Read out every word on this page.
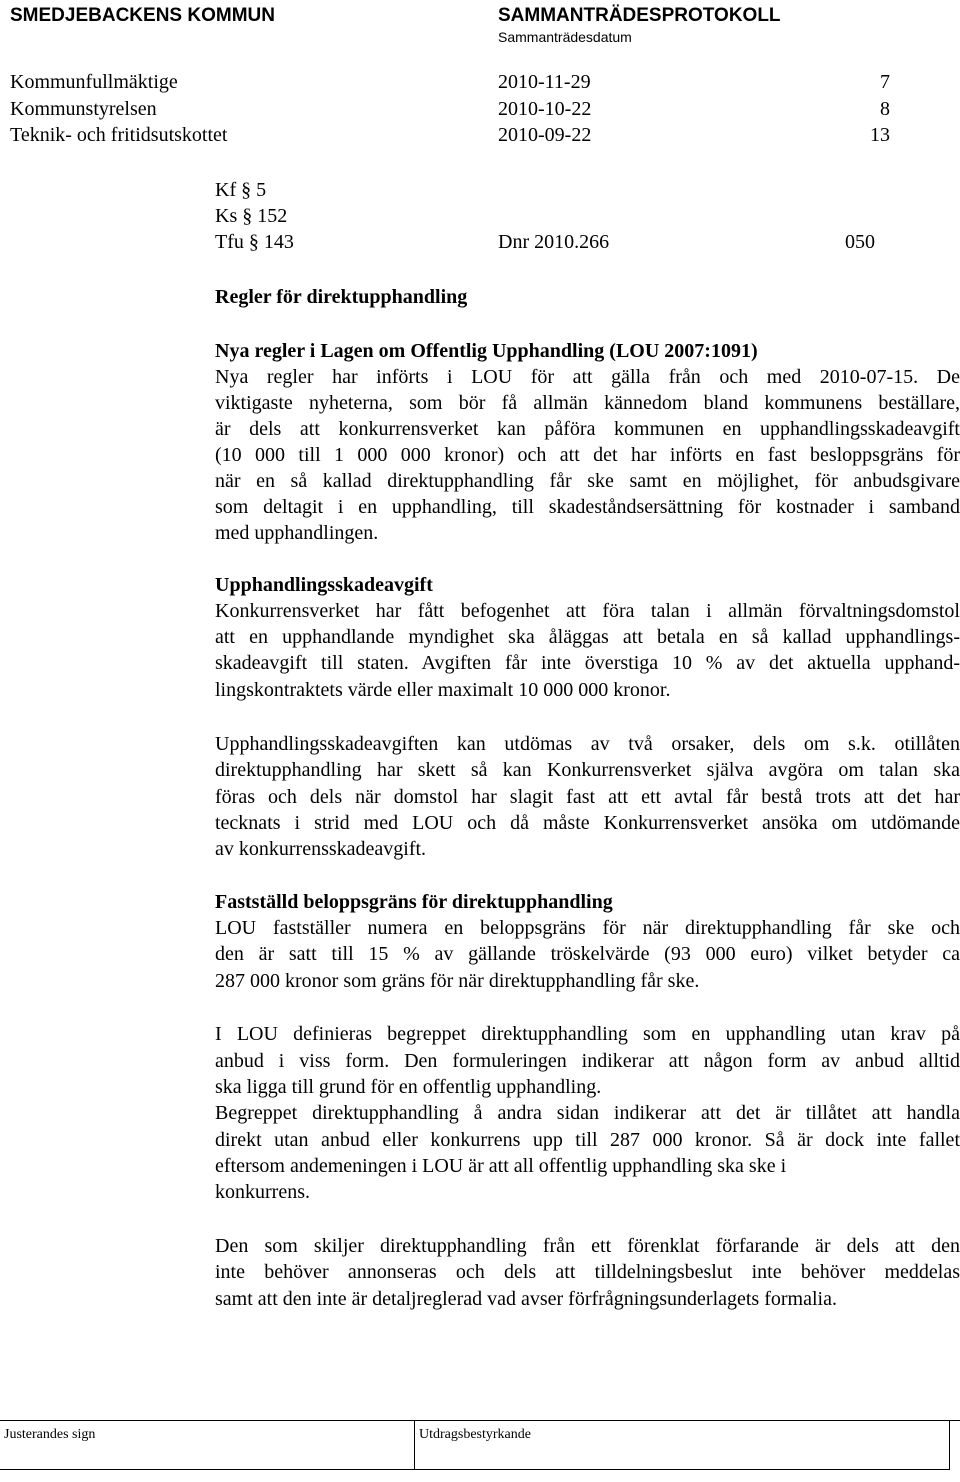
SMEDJEBACKENS KOMMUN	SAMMANTRÄDESPROTOKOLL
Sammanträdesdatum
Kommunfullmäktige	2010-11-29	7
Kommunstyrelsen	2010-10-22	8
Teknik- och fritidsutskottet	2010-09-22	13
Kf § 5
Ks § 152
Tfu § 143	Dnr 2010.266	050
Regler för direktupphandling
Nya regler i Lagen om Offentlig Upphandling (LOU 2007:1091)
Nya regler har införts i LOU för att gälla från och med 2010-07-15. De
viktigaste nyheterna, som bör få allmän kännedom bland kommunens beställare,
är dels att konkurrensverket kan påföra kommunen en upphandlingsskadeavgift
(10 000 till 1 000 000 kronor) och att det har införts en fast besloppsgräns för
när en så kallad direktupphandling får ske samt en möjlighet, för anbudsgivare
som deltagit i en upphandling, till skadeståndsersättning för kostnader i samband
med upphandlingen.
Upphandlingsskadeavgift
Konkurrensverket har fått befogenhet att föra talan i allmän förvaltningsdomstol
att en upphandlande myndighet ska åläggas att betala en så kallad upphandlings-
skadeavgift till staten. Avgiften får inte överstiga 10 % av det aktuella upphand-
lingskontraktets värde eller maximalt 10 000 000 kronor.
Upphandlingsskadeavgiften kan utdömas av två orsaker, dels om s.k. otillåten
direktupphandling har skett så kan Konkurrensverket själva avgöra om talan ska
föras och dels när domstol har slagit fast att ett avtal får bestå trots att det har
tecknats i strid med LOU och då måste Konkurrensverket ansöka om utdömande
av konkurrensskadeavgift.
Fastställd beloppsgräns för direktupphandling
LOU fastställer numera en beloppsgräns för när direktupphandling får ske och
den är satt till 15 % av gällande tröskelvärde (93 000 euro) vilket betyder ca
287 000 kronor som gräns för när direktupphandling får ske.
I LOU definieras begreppet direktupphandling som en upphandling utan krav på
anbud i viss form. Den formuleringen indikerar att någon form av anbud alltid
ska ligga till grund för en offentlig upphandling.
Begreppet direktupphandling å andra sidan indikerar att det är tillåtet att handla
direkt utan anbud eller konkurrens upp till 287 000 kronor. Så är dock inte fallet
eftersom andemeningen i LOU är att all offentlig upphandling ska ske i
konkurrens.
Den som skiljer direktupphandling från ett förenklat förfarande är dels att den
inte behöver annonseras och dels att tilldelningsbeslut inte behöver meddelas
samt att den inte är detaljreglerad vad avser förfrågningsunderlagets formalia.
Justerandes sign	Utdragsbestyrkande
